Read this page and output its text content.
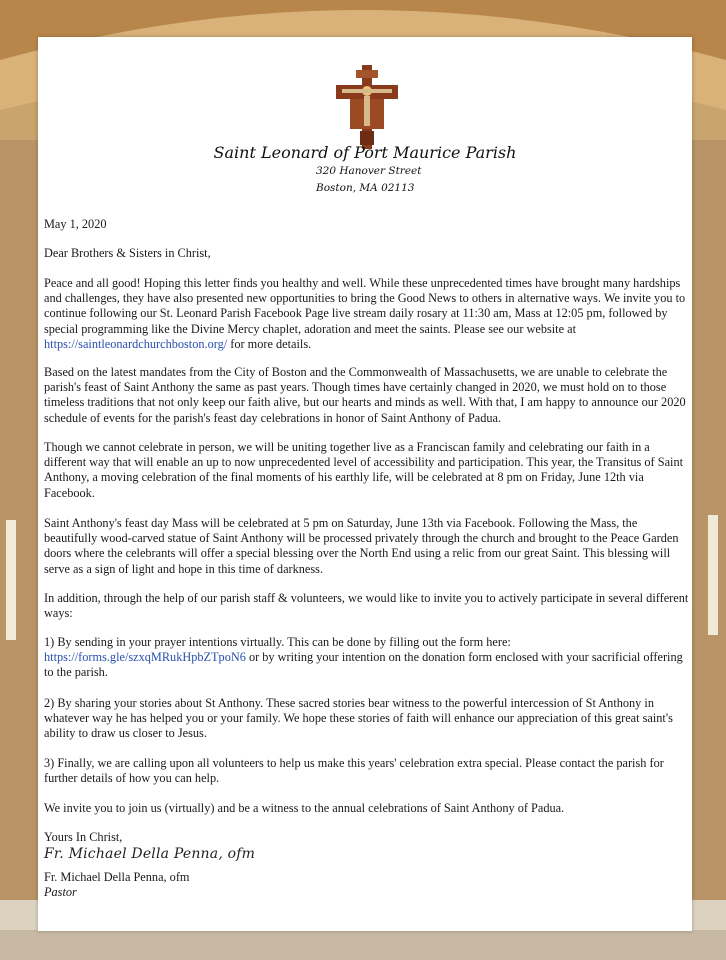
Saint Leonard of Port Maurice Parish
320 Hanover Street
Boston, MA 02113
May 1, 2020
Dear Brothers & Sisters in Christ,

Peace and all good! Hoping this letter finds you healthy and well. While these unprecedented times have brought many hardships and challenges, they have also presented new opportunities to bring the Good News to others in alternative ways. We invite you to continue following our St. Leonard Parish Facebook Page live stream daily rosary at 11:30 am, Mass at 12:05 pm, followed by special programming like the Divine Mercy chaplet, adoration and meet the saints. Please see our website at https://saintleonardchurchboston.org/ for more details.

Based on the latest mandates from the City of Boston and the Commonwealth of Massachusetts, we are unable to celebrate the parish's feast of Saint Anthony the same as past years. Though times have certainly changed in 2020, we must hold on to those timeless traditions that not only keep our faith alive, but our hearts and minds as well. With that, I am happy to announce our 2020 schedule of events for the parish's feast day celebrations in honor of Saint Anthony of Padua.

Though we cannot celebrate in person, we will be uniting together live as a Franciscan family and celebrating our faith in a different way that will enable an up to now unprecedented level of accessibility and participation. This year, the Transitus of Saint Anthony, a moving celebration of the final moments of his earthly life, will be celebrated at 8 pm on Friday, June 12th via Facebook.

Saint Anthony's feast day Mass will be celebrated at 5 pm on Saturday, June 13th via Facebook. Following the Mass, the beautifully wood-carved statue of Saint Anthony will be processed privately through the church and brought to the Peace Garden doors where the celebrants will offer a special blessing over the North End using a relic from our great Saint. This blessing will serve as a sign of light and hope in this time of darkness.

In addition, through the help of our parish staff & volunteers, we would like to invite you to actively participate in several different ways:

1) By sending in your prayer intentions virtually. This can be done by filling out the form here: https://forms.gle/szxqMRukHpbZTpoN6 or by writing your intention on the donation form enclosed with your sacrificial offering to the parish.

2) By sharing your stories about St Anthony. These sacred stories bear witness to the powerful intercession of St Anthony in whatever way he has helped you or your family. We hope these stories of faith will enhance our appreciation of this great saint's ability to draw us closer to Jesus.

3) Finally, we are calling upon all volunteers to help us make this years' celebration extra special. Please contact the parish for further details of how you can help.

We invite you to join us (virtually) and be a witness to the annual celebrations of Saint Anthony of Padua.

Yours In Christ,
Fr. Michael Della Penna, ofm
Fr. Michael Della Penna, ofm
Pastor
